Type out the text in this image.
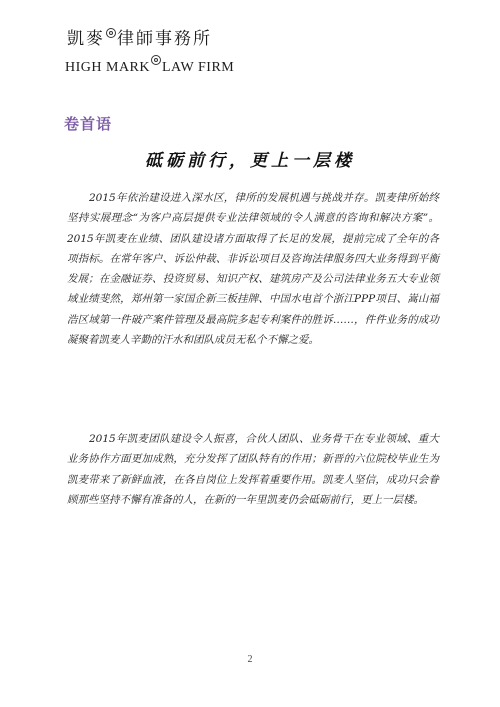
凱麥 律師事務所
HIGH MARK LAW FIRM
卷首语
砥砺前行，更上一层楼

2015年依治建设进入深水区，律所的发展机遇与挑战并存。凯麦律所始终坚持实展理念“为客户高层提供专业法律领域的令人满意的咨询和解决方案”。2015年凯麦在业绩、团队建设诸方面取得了长足的发展，提前完成了全年的各项指标。在常年客户、诉讼仲裁、非诉讼项目及咨询法律服务四大业务得到平衡发展；在金融证券、投资贸易、知识产权、建筑房产及公司法律业务五大专业领域业绩斐然，郑州第一家国企新三板挂牌、中国水电首个浙江PPP项目、嵩山福浩区域第一件破产案件管理及最高院多起专利案件的胜诉……，件件业务的成功凝聚着凯麦人辛勤的汗水和团队成员无私个不懈之爱。

2015年凯麦团队建设令人振喜，合伙人团队、业务骨干在专业领域、重大业务协作方面更加成熟，充分发挥了团队特有的作用；新晋的六位院校毕业生为凯麦带来了新鲜血液，在各自岗位上发挥着重要作用。凯麦人坚信，成功只会眷顾那些坚持不懈有准备的人，在新的一年里凯麦仍会砥砺前行，更上一层楼。

2
